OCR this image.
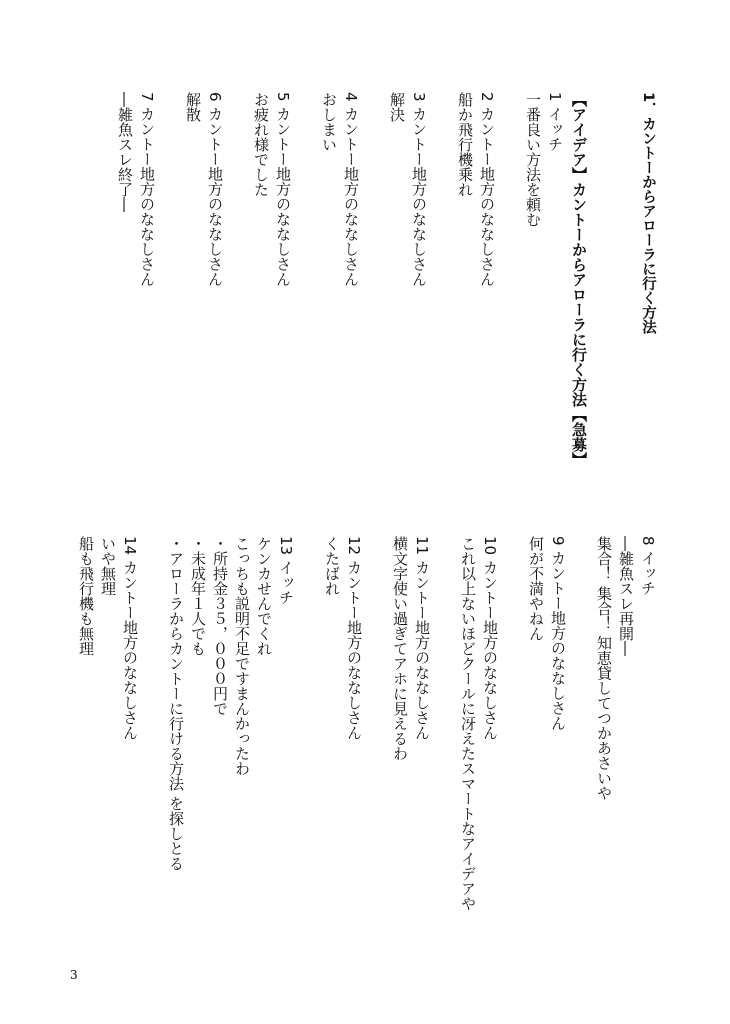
1．カントーからアローラに行く方法
【アイデア】カントーからアローラに行く方法【急募】
1 イッチ
一番良い方法を頼む
2 カントー地方のななしさん
船か飛行機乗れ
3 カントー地方のななしさん
解決
4 カントー地方のななしさん
おしまい
5 カントー地方のななしさん
お疲れ様でした
6 カントー地方のななしさん
解散
7 カントー地方のななしさん
―雑魚スレ終了―
8 イッチ
―雑魚スレ再開―
集合！ 集合！ 知恵貸してつかあさいや
9 カントー地方のななしさん
何が不満やねん
10 カントー地方のななしさん
これ以上ないほどクールに冴えたスマートなアイデアや
11 カントー地方のななしさん
横文字使い過ぎてアホに見えるわ
12 カントー地方のななしさん
くたばれ
13 イッチ
ケンカせんでくれ
こっちも説明不足ですまんかったわ
・所持金３５，０００円で
・未成年１人でも
・アローラからカントーに行ける方法 を探しとる
14 カントー地方のななしさん
いや無理
船も飛行機も無理
3
